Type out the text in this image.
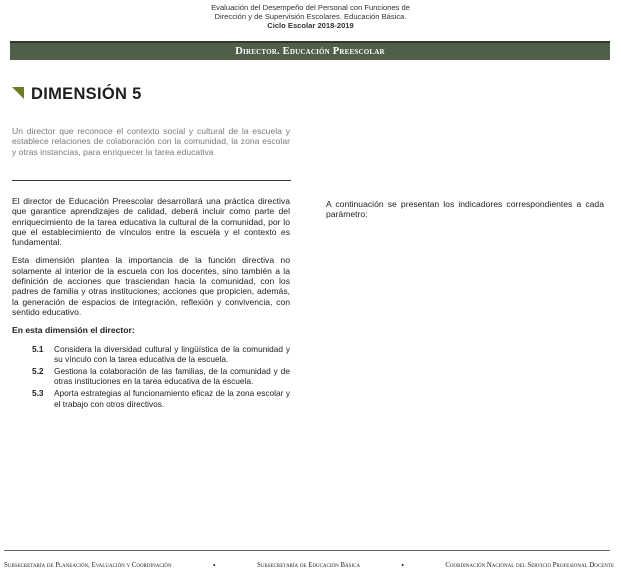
Evaluación del Desempeño del Personal con Funciones de
Dirección y de Supervisión Escolares. Educación Básica.
Ciclo Escolar 2018-2019
Director. Educación Preescolar
DIMENSIÓN 5
Un director que reconoce el contexto social y cultural de la escuela y establece relaciones de colaboración con la comunidad, la zona escolar y otras instancias, para enriquecer la tarea educativa

El director de Educación Preescolar desarrollará una práctica directiva que garantice aprendizajes de calidad, deberá incluir como parte del enriquecimiento de la tarea educativa la cultural de la comunidad, por lo que el establecimiento de vínculos entre la escuela y el contexto es fundamental.

Esta dimensión plantea la importancia de la función directiva no solamente al interior de la escuela con los docentes, sino también a la definición de acciones que trasciendan hacia la comunidad, con los padres de familia y otras instituciones; acciones que propicien, además, la generación de espacios de integración, reflexión y convivencia, con sentido educativo.

En esta dimensión el director:
5.1	Considera la diversidad cultural y lingüística de la comunidad y su vínculo con la tarea educativa de la escuela.
5.2	Gestiona la colaboración de las familias, de la comunidad y de otras instituciones en la tarea educativa de la escuela.
5.3	Aporta estrategias al funcionamiento eficaz de la zona escolar y el trabajo con otros directivos.
A continuación se presentan los indicadores correspondientes a cada parámetro:
Subsecretaría de Planeación, Evaluación y Coordinación	•	Subsecretaría de Educación Básica	•	Coordinación Nacional del Servicio Profesional Docente
